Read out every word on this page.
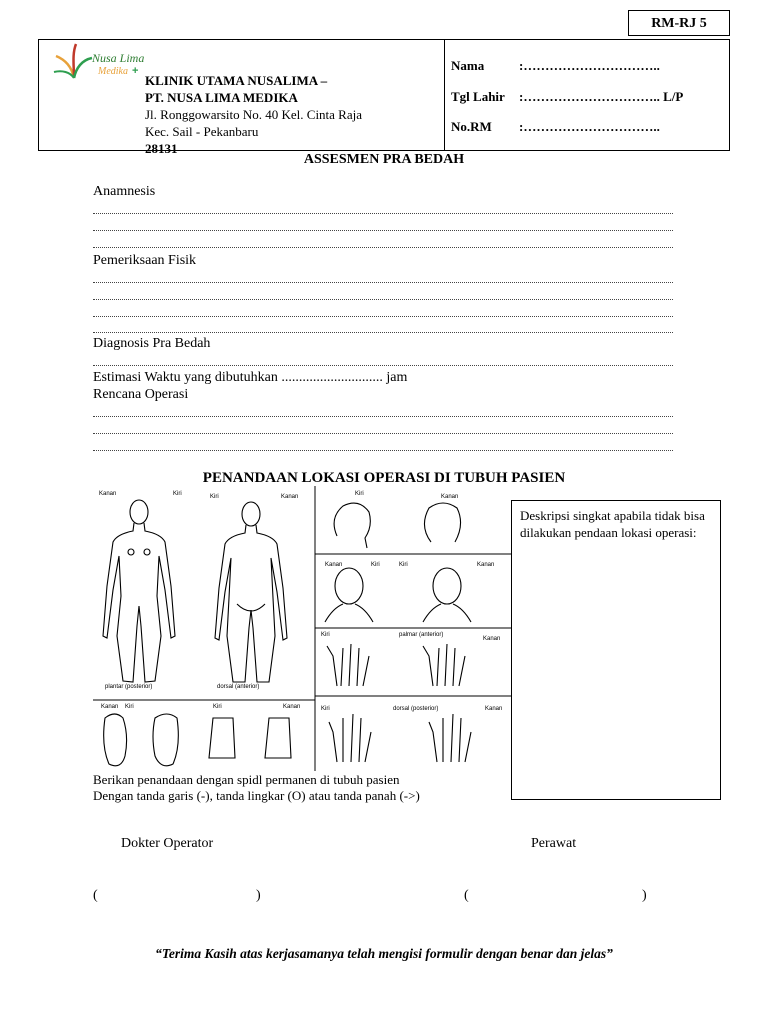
RM-RJ 5
Nusa Lima
Medika +
KLINIK UTAMA NUSALIMA –
PT. NUSA LIMA MEDIKA
Jl. Ronggowarsito No. 40 Kel. Cinta Raja
Kec. Sail - Pekanbaru
28131
Nama	:…………………………..
Tgl Lahir :………………………….. L/P
No.RM :…………………………..
ASSESMEN PRA BEDAH
Anamnesis
Pemeriksaan Fisik
Diagnosis Pra Bedah
Estimasi Waktu yang dibutuhkan ............................. jam
Rencana Operasi
PENANDAAN LOKASI OPERASI DI TUBUH PASIEN
Kanan	Kiri	Kiri	Kanan
plantar (posterior)	dorsal (anterior)
Kanan Kiri	Kiri	Kanan
Kiri	Kanan
Kanan	Kiri	Kiri	Kanan
Kiri	palmar (anterior)
Kanan
Kiri	dorsal (posterior)	Kanan
Deskripsi singkat apabila tidak bisa dilakukan pendaan lokasi operasi:
Berikan penandaan dengan spidl permanen di tubuh pasien
Dengan tanda garis (-), tanda lingkar (O) atau tanda panah (->)
Dokter Operator	Perawat
(	)	(	)
“Terima Kasih atas kerjasamanya telah mengisi formulir dengan benar dan jelas”
